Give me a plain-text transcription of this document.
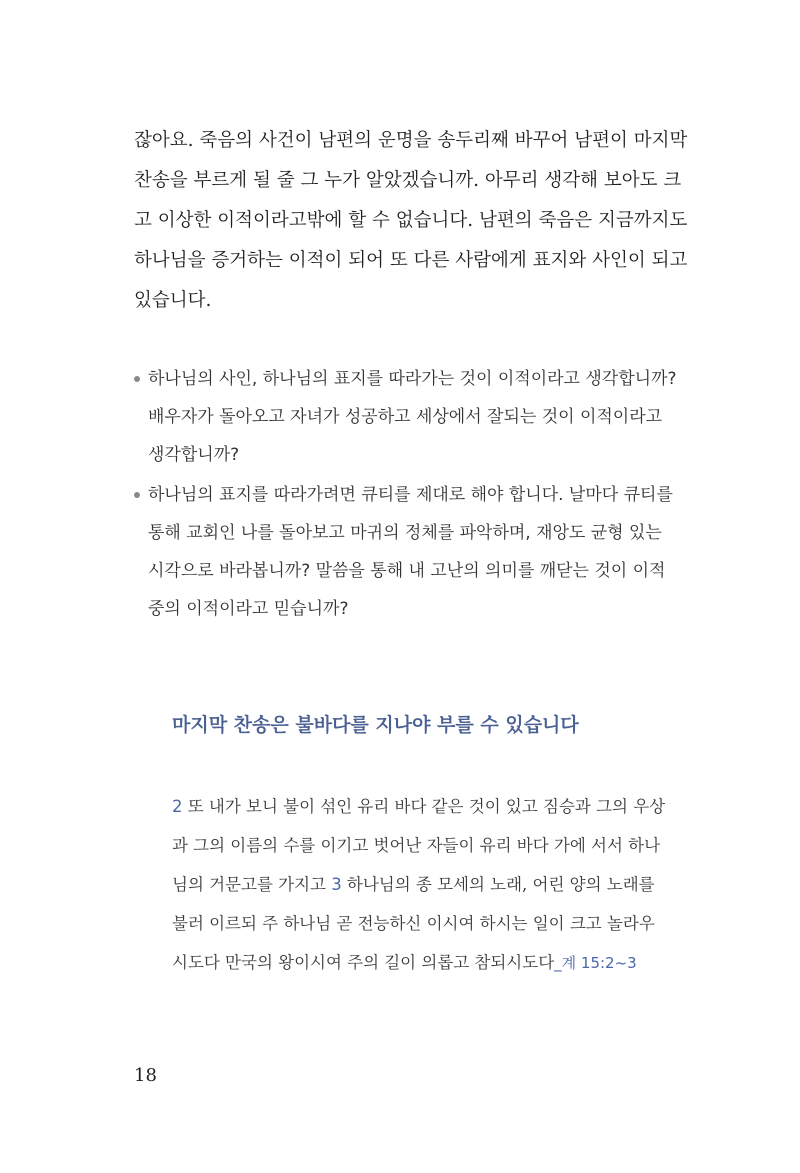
잖아요. 죽음의 사건이 남편의 운명을 송두리째 바꾸어 남편이 마지막
찬송을 부르게 될 줄 그 누가 알았겠습니까. 아무리 생각해 보아도 크
고 이상한 이적이라고밖에 할 수 없습니다. 남편의 죽음은 지금까지도
하나님을 증거하는 이적이 되어 또 다른 사람에게 표지와 사인이 되고
있습니다.
하나님의 사인, 하나님의 표지를 따라가는 것이 이적이라고 생각합니까?
배우자가 돌아오고 자녀가 성공하고 세상에서 잘되는 것이 이적이라고
생각합니까?
하나님의 표지를 따라가려면 큐티를 제대로 해야 합니다. 날마다 큐티를
통해 교회인 나를 돌아보고 마귀의 정체를 파악하며, 재앙도 균형 있는
시각으로 바라봅니까? 말씀을 통해 내 고난의 의미를 깨닫는 것이 이적
중의 이적이라고 믿습니까?
마지막 찬송은 불바다를 지나야 부를 수 있습니다
2 또 내가 보니 불이 섞인 유리 바다 같은 것이 있고 짐승과 그의 우상
과 그의 이름의 수를 이기고 벗어난 자들이 유리 바다 가에 서서 하나
님의 거문고를 가지고 3 하나님의 종 모세의 노래, 어린 양의 노래를
불러 이르되 주 하나님 곧 전능하신 이시여 하시는 일이 크고 놀라우
시도다 만국의 왕이시여 주의 길이 의롭고 참되시도다_계 15:2~3
18
